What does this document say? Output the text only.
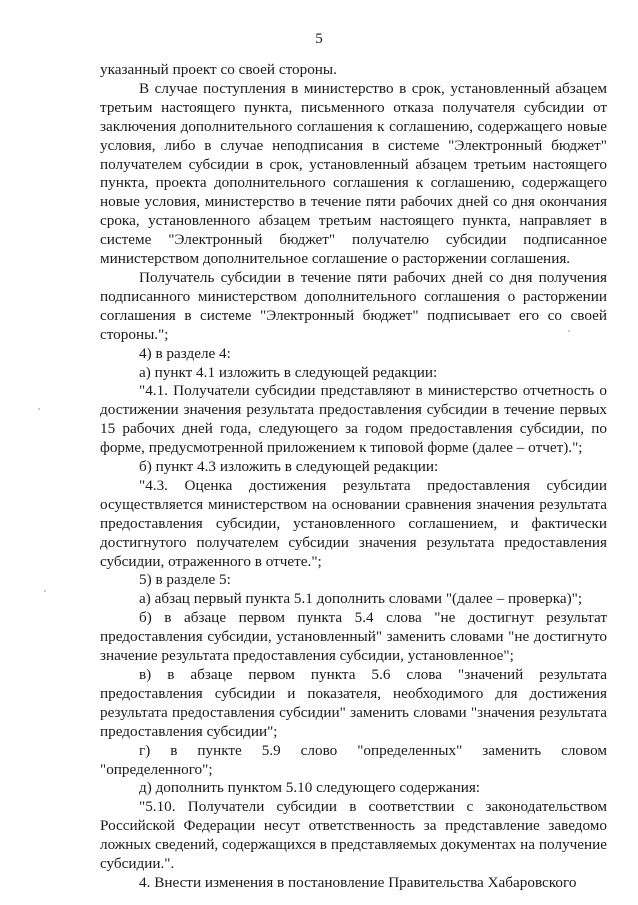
5

указанный проект со своей стороны.

В случае поступления в министерство в срок, установленный абзацем третьим настоящего пункта, письменного отказа получателя субсидии от заключения дополнительного соглашения к соглашению, содержащего новые условия, либо в случае неподписания в системе "Электронный бюджет" получателем субсидии в срок, установленный абзацем третьим настоящего пункта, проекта дополнительного соглашения к соглашению, содержащего новые условия, министерство в течение пяти рабочих дней со дня окончания срока, установленного абзацем третьим настоящего пункта, направляет в системе "Электронный бюджет" получателю субсидии подписанное министерством дополнительное соглашение о расторжении соглашения.

Получатель субсидии в течение пяти рабочих дней со дня получения подписанного министерством дополнительного соглашения о расторжении соглашения в системе "Электронный бюджет" подписывает его со своей стороны.";

4) в разделе 4:

а) пункт 4.1 изложить в следующей редакции:

"4.1. Получатели субсидии представляют в министерство отчетность о достижении значения результата предоставления субсидии в течение первых 15 рабочих дней года, следующего за годом предоставления субсидии, по форме, предусмотренной приложением к типовой форме (далее – отчет).";

б) пункт 4.3 изложить в следующей редакции:

"4.3. Оценка достижения результата предоставления субсидии осуществляется министерством на основании сравнения значения результата предоставления субсидии, установленного соглашением, и фактически достигнутого получателем субсидии значения результата предоставления субсидии, отраженного в отчете.";

5) в разделе 5:

а) абзац первый пункта 5.1 дополнить словами "(далее – проверка)";

б) в абзаце первом пункта 5.4 слова "не достигнут результат предоставления субсидии, установленный" заменить словами "не достигнуто значение результата предоставления субсидии, установленное";

в) в абзаце первом пункта 5.6 слова "значений результата предоставления субсидии и показателя, необходимого для достижения результата предоставления субсидии" заменить словами "значения результата предоставления субсидии";

г) в пункте 5.9 слово "определенных" заменить словом "определенного";

д) дополнить пунктом 5.10 следующего содержания:

"5.10. Получатели субсидии в соответствии с законодательством Российской Федерации несут ответственность за представление заведомо ложных сведений, содержащихся в представляемых документах на получение субсидии.".

4. Внести изменения в постановление Правительства Хабаровского
